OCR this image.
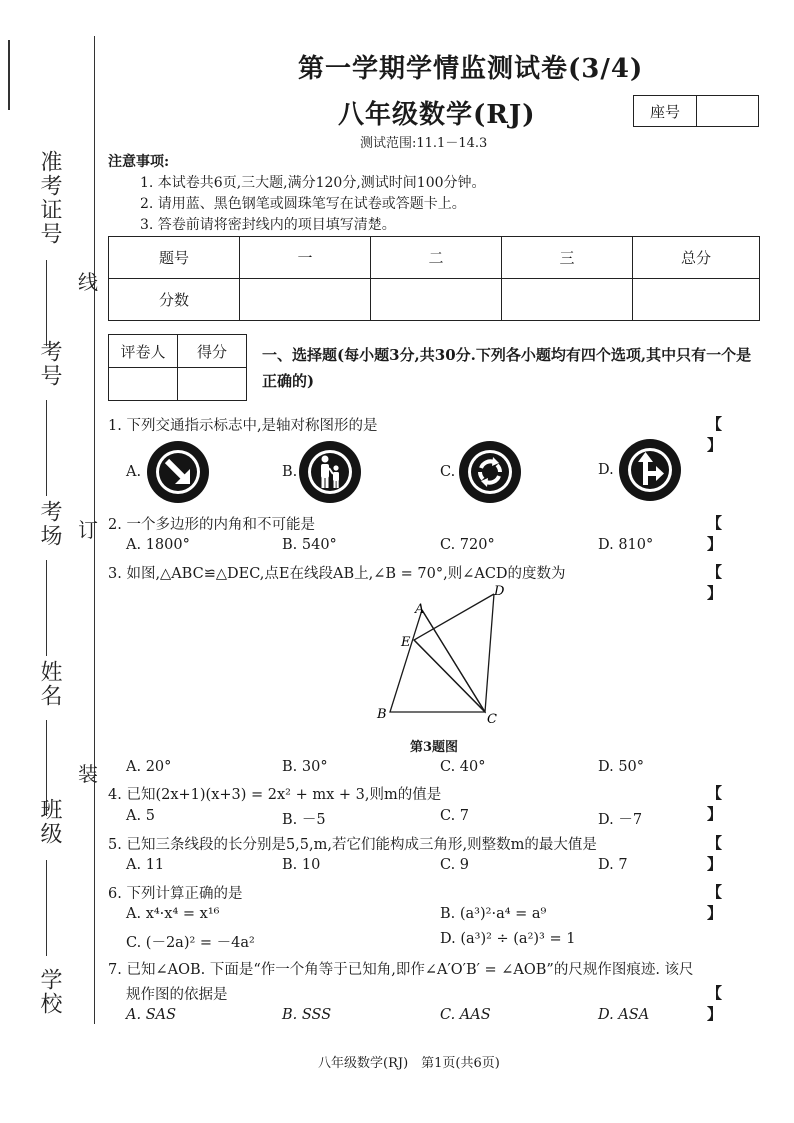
准考证号
考号
考场
姓名
班级
学校
线
订
装
第一学期学情监测试卷(3/4)
八年级数学(RJ)
测试范围:11.1－14.3
座号
注意事项:
1. 本试卷共6页,三大题,满分120分,测试时间100分钟。
2. 请用蓝、黑色钢笔或圆珠笔写在试卷或答题卡上。
3. 答卷前请将密封线内的项目填写清楚。
题号	一	二	三	总分
分数				
评卷人	得分
	一、选择题(每小题3分,共30分.下列各小题均有四个选项,其中只有一个是正确的)
1. 下列交通指示标志中,是轴对称图形的是	【 】
A.	B.	C.	D.
2. 一个多边形的内角和不可能是	【 】
A. 1800°	B. 540°	C. 720°	D. 810°
3. 如图,△ABC≌△DEC,点E在线段AB上,∠B = 70°,则∠ACD的度数为	【 】
A
B	C
D
E
第3题图
A. 20°	B. 30°	C. 40°	D. 50°
4. 已知(2x+1)(x+3) = 2x² + mx + 3,则m的值是	【 】
A. 5	B. －5	C. 7	D. －7
5. 已知三条线段的长分别是5,5,m,若它们能构成三角形,则整数m的最大值是	【 】
A. 11	B. 10	C. 9	D. 7
6. 下列计算正确的是	【 】
A. x⁴·x⁴ = x¹⁶	B. (a³)²·a⁴ = a⁹
C. (－2a)² = －4a²	D. (a³)² ÷ (a²)³ = 1
7. 已知∠AOB. 下面是“作一个角等于已知角,即作∠A′O′B′ = ∠AOB”的尺规作图痕迹. 该尺
规作图的依据是	【 】
A. SAS	B. SSS	C. AAS	D. ASA
八年级数学(RJ)　第1页(共6页)
